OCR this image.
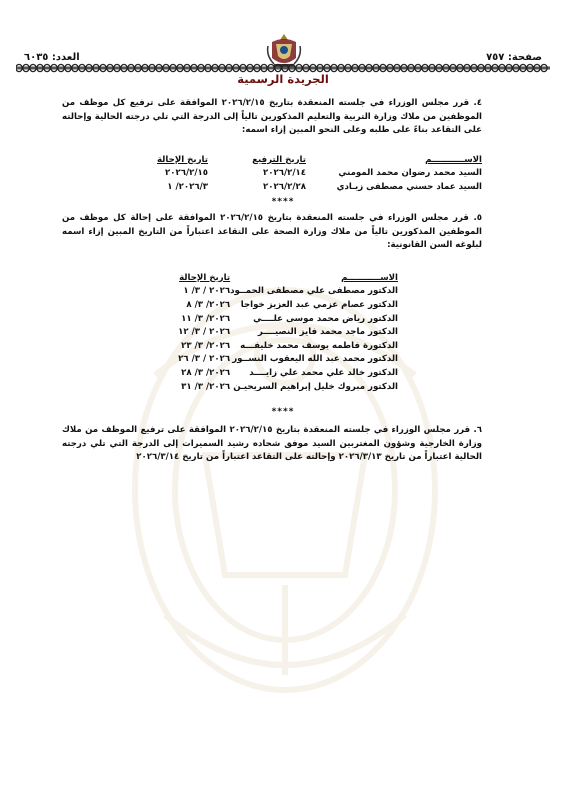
العدد: ٦٠٣٥	صفحة: ٧٥٧
الجريدة الرسمية
٤. قرر مجلس الوزراء في جلسته المنعقدة بتاريخ ٢٠٢٦/٢/١٥ الموافقة على ترفيع كل موظف من الموظفين من ملاك وزارة التربية والتعليم المذكورين تالياً إلى الدرجة التي تلي درجته الحالية وإحالته على التقاعد بناءً على طلبه وعلى النحو المبين إزاء اسمه:
الاســـــــــــم	تاريخ الترفيع	تاريخ الإحالة
السيد محمد رضوان محمد المومني	٢٠٢٦/٢/١٤	٢٠٢٦/٢/١٥
السيد عماد حسني مصطفى زيـادي	٢٠٢٦/٢/٢٨	٢٠٢٦/٣/ ١
****
٥. قرر مجلس الوزراء في جلسته المنعقدة بتاريخ ٢٠٢٦/٢/١٥ الموافقة على إحالة كل موظف من الموظفين المذكورين تالياً من ملاك وزارة الصحة على التقاعد اعتباراً من التاريخ المبين إزاء اسمه لبلوغه السن القانونية:
الاســـــــــــم	تاريخ الإحالة
الدكتور مصطفى علي مصطفى الحمــود	٢٠٢٦ / ٣/ ١
الدكتور عصام عزمي عبد العزيز خواجا	٢٠٢٦/ ٣/ ٨
الدكتور رياض محمد موسى علــــي	٢٠٢٦/ ٣/ ١١
الدكتور ماجد محمد فايز النصيــــر	٢٠٢٦ / ٣/ ١٢
الدكتورة فاطمه يوسف محمد خليفـــه	٢٠٢٦/ ٣/ ٢٣
الدكتور محمد عبد الله اليعقوب النســور	٢٠٢٦ / ٣/ ٢٦
الدكتور خالد علي محمد علي زايــــد	٢٠٢٦/ ٣/ ٢٨
الدكتور مبروك خليل إبراهيم السريحيـن	٢٠٢٦/ ٣/ ٣١
****
٦. قرر مجلس الوزراء في جلسته المنعقدة بتاريخ ٢٠٢٦/٢/١٥ الموافقة على ترفيع الموظف من ملاك وزارة الخارجية وشؤون المغتربين السيد موفق شحاده رشيد السميرات إلى الدرجة التي تلي درجته الحالية اعتباراً من تاريخ ٢٠٢٦/٣/١٣ وإحالته على التقاعد اعتباراً من تاريخ ٢٠٢٦/٣/١٤
